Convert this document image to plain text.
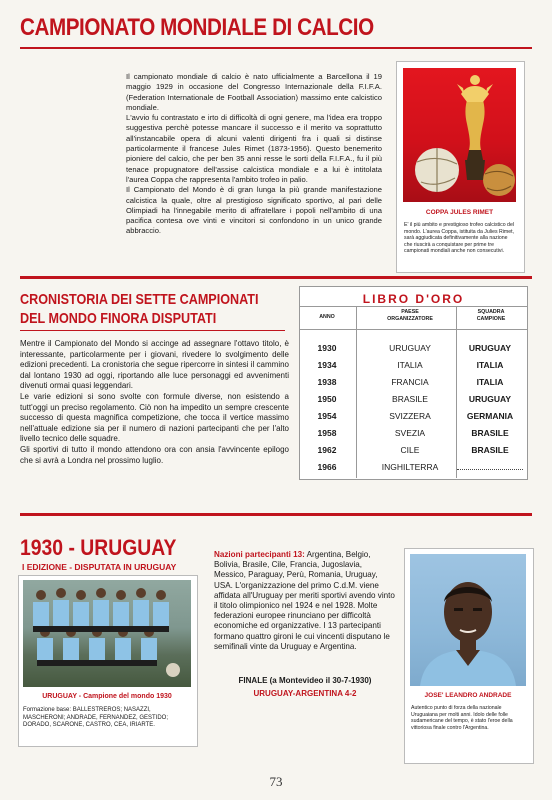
CAMPIONATO MONDIALE DI CALCIO

Il campionato mondiale di calcio è nato ufficialmente a Barcellona il 19 maggio 1929 in occasione del Congresso Internazionale della F.I.F.A. (Federation Internationale de Football Association) massimo ente calcistico mondiale.

L'avvio fu contrastato e irto di difficoltà di ogni genere, ma l'idea era troppo suggestiva perchè potesse mancare il successo e il merito va soprattutto all'instancabile opera di alcuni valenti dirigenti fra i quali si distinse particolarmente il francese Jules Rimet (1873-1956). Questo benemerito pioniere del calcio, che per ben 35 anni resse le sorti della F.I.F.A., fu il più tenace propugnatore dell'assise calcistica mondiale e a lui è intitolata l'aurea Coppa che rappresenta l'ambito trofeo in palio.

Il Campionato del Mondo è di gran lunga la più grande manifestazione calcistica la quale, oltre al prestigioso significato sportivo, al pari delle Olimpiadi ha l'innegabile merito di affratellare i popoli nell'ambito di una pacifica contesa ove vinti e vincitori si confondono in un unico grande abbraccio.

COPPA JULES RIMET
E' il più ambito e prestigioso trofeo calcistico del mondo. L'aurea Coppa, istituita da Julies Rimet, sarà aggiudicata definitivamente alla nazione che riuscirà a conquistare per prime tre campionati mondiali anche non consecutivi.
CRONISTORIA DEI SETTE CAMPIONATI
DEL MONDO FINORA DISPUTATI

Mentre il Campionato del Mondo si accinge ad assegnare l'ottavo titolo, è interessante, particolarmente per i giovani, rivedere lo svolgimento delle edizioni precedenti. La cronistoria che segue ripercorre in sintesi il cammino dal lontano 1930 ad oggi, riportando alle luce personaggi ed avvenimenti divenuti ormai quasi leggendari.

Le varie edizioni si sono svolte con formule diverse, non esistendo a tutt'oggi un preciso regolamento. Ciò non ha impedito un sempre crescente successo di questa magnifica competizione, che tocca il vertice massimo nell'attuale edizione sia per il numero di nazioni partecipanti che per l'alto livello tecnico delle squadre.

Gli sportivi di tutto il mondo attendono ora con ansia l'avvincente epilogo che si avrà a Londra nel prossimo luglio.

LIBRO D'ORO
ANNO
PAESE ORGANIZZATORE
SQUADRA CAMPIONE
1930	URUGUAY	URUGUAY
1934	ITALIA	ITALIA
1938	FRANCIA	ITALIA
1950	BRASILE	URUGUAY
1954	SVIZZERA	GERMANIA
1958	SVEZIA	BRASILE
1962	CILE	BRASILE
1966	INGHILTERRA
1930 - URUGUAY
I EDIZIONE - DISPUTATA IN URUGUAY
URUGUAY - Campione del mondo 1930
Formazione base: BALLESTREROS; NASAZZI, MASCHERONI; ANDRADE, FERNANDEZ, GESTIDO; DORADO, SCARONE, CASTRO, CEA, IRIARTE.
Nazioni partecipanti 13: Argentina, Belgio, Bolivia, Brasile, Cile, Francia, Jugoslavia, Messico, Paraguay, Perù, Romania, Uruguay, USA. L'organizzazione del primo C.d.M. viene affidata all'Uruguay per meriti sportivi avendo vinto il titolo olimpionico nel 1924 e nel 1928. Molte federazioni europee rinunciano per difficoltà economiche ed organizzative. I 13 partecipanti formano quattro gironi le cui vincenti disputano le semifinali vinte da Uruguay e Argentina.
FINALE (a Montevideo il 30-7-1930)
URUGUAY-ARGENTINA 4-2	JOSE' LEANDRO ANDRADE
Autentico punto di forza della nazionale Uruguaiana per molti anni. Idolo delle folle sudamericane del tempo, è stato l'eroe della vittoriosa finale contro l'Argentina.
73
